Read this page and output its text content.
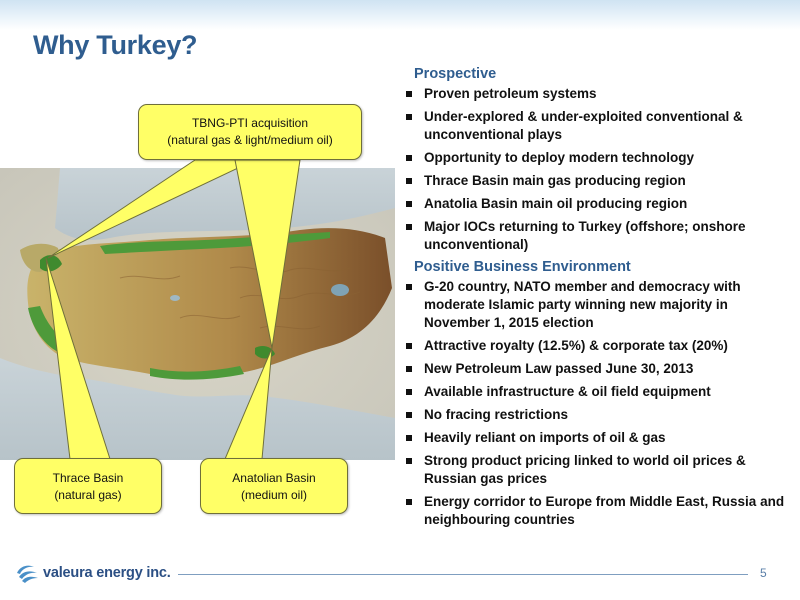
Why Turkey?
TBNG-PTI acquisition
(natural gas & light/medium oil)
Thrace Basin
(natural gas)
Anatolian Basin
(medium oil)
Prospective
Proven petroleum systems
Under-explored & under-exploited conventional & unconventional plays
Opportunity to deploy modern technology
Thrace Basin main gas producing region
Anatolia Basin main oil producing region
Major IOCs returning to Turkey (offshore; onshore unconventional)
Positive Business Environment
G-20 country, NATO member and democracy with moderate Islamic party winning new majority in November 1, 2015 election
Attractive royalty (12.5%) & corporate tax (20%)
New Petroleum Law passed June 30, 2013
Available infrastructure & oil field equipment
No fracing restrictions
Heavily reliant on imports of oil & gas
Strong product pricing linked to world oil prices & Russian gas prices
Energy corridor to Europe from Middle East, Russia and neighbouring countries
valeura energy inc.	5
